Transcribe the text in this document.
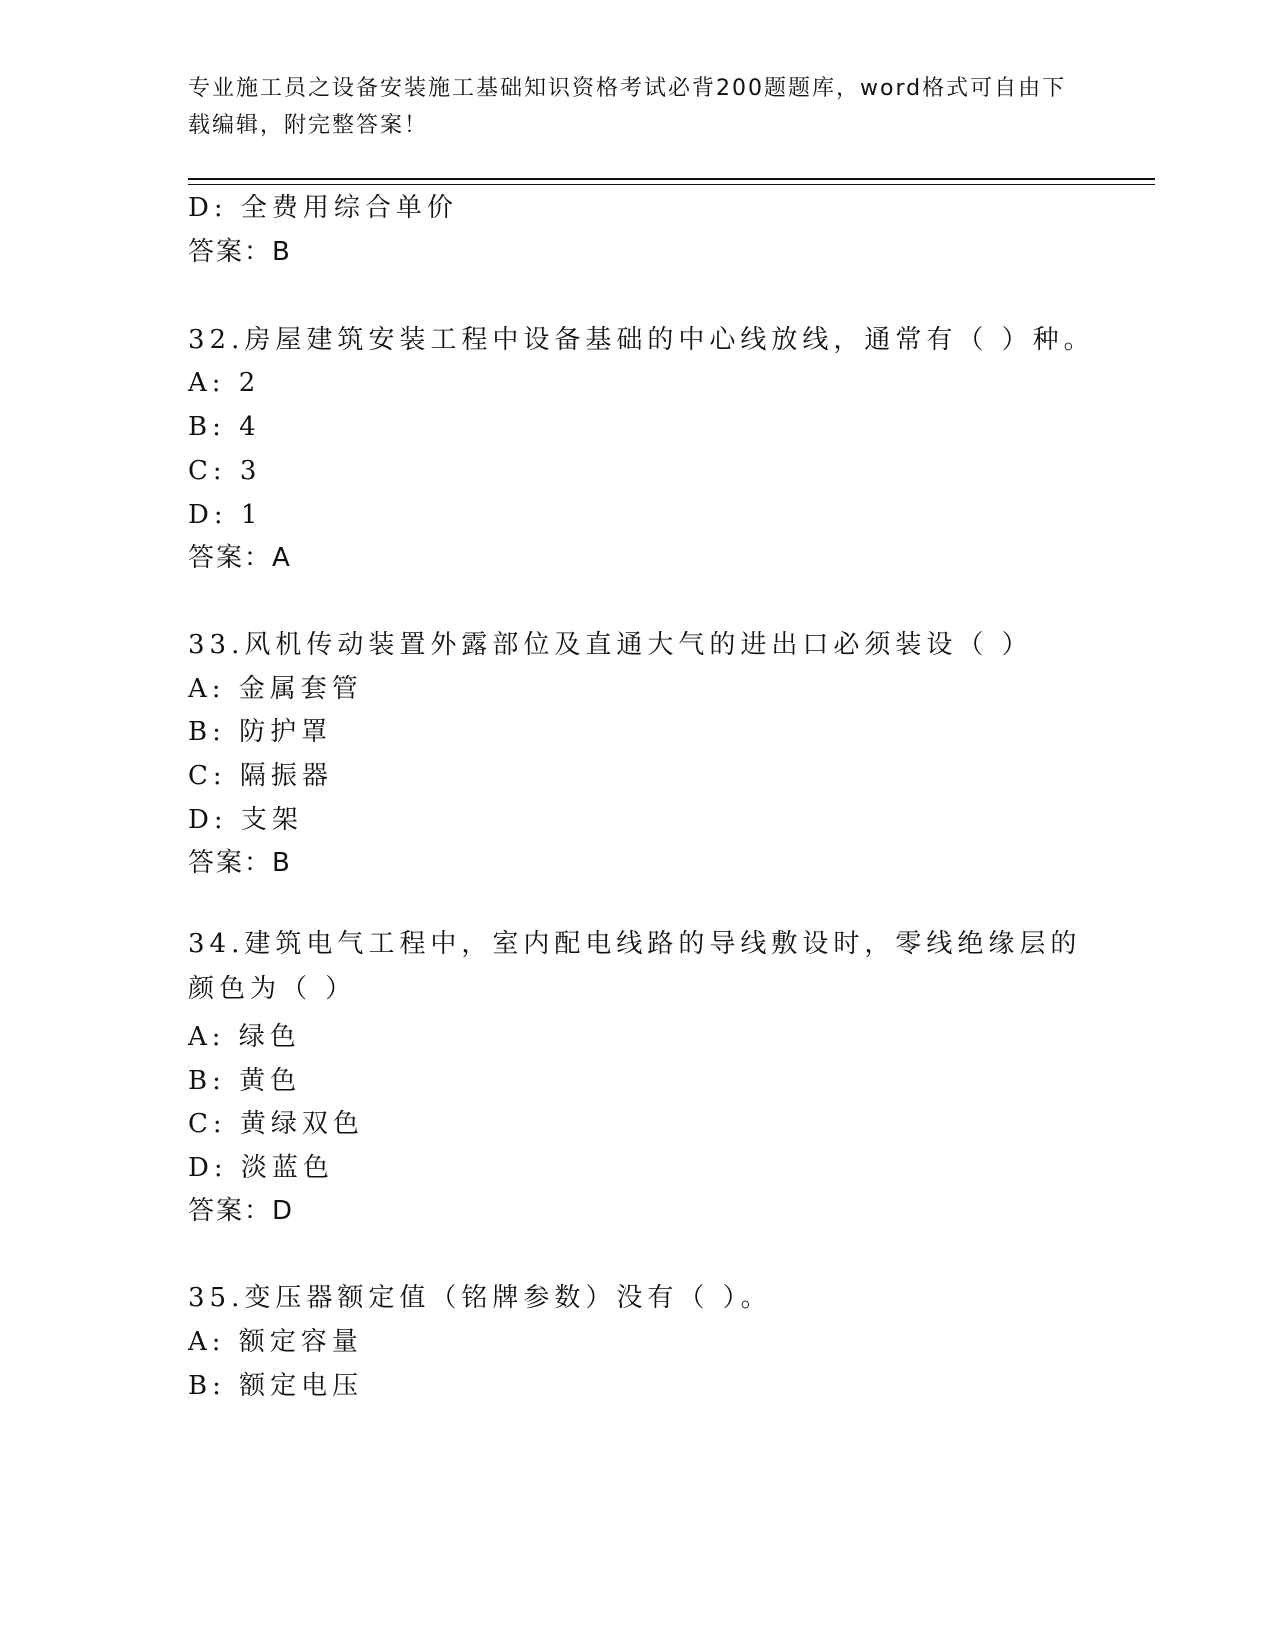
专业施工员之设备安装施工基础知识资格考试必背200题题库，word格式可自由下载编辑，附完整答案！
D: 全费用综合单价
答案：B
32.房屋建筑安装工程中设备基础的中心线放线，通常有（ ）种。
A: 2
B: 4
C: 3
D: 1
答案：A
33.风机传动装置外露部位及直通大气的进出口必须装设（ ）
A: 金属套管
B: 防护罩
C: 隔振器
D: 支架
答案：B
34.建筑电气工程中，室内配电线路的导线敷设时，零线绝缘层的颜色为（ ）
A: 绿色
B: 黄色
C: 黄绿双色
D: 淡蓝色
答案：D
35.变压器额定值（铭牌参数）没有（ ）。
A: 额定容量
B: 额定电压
